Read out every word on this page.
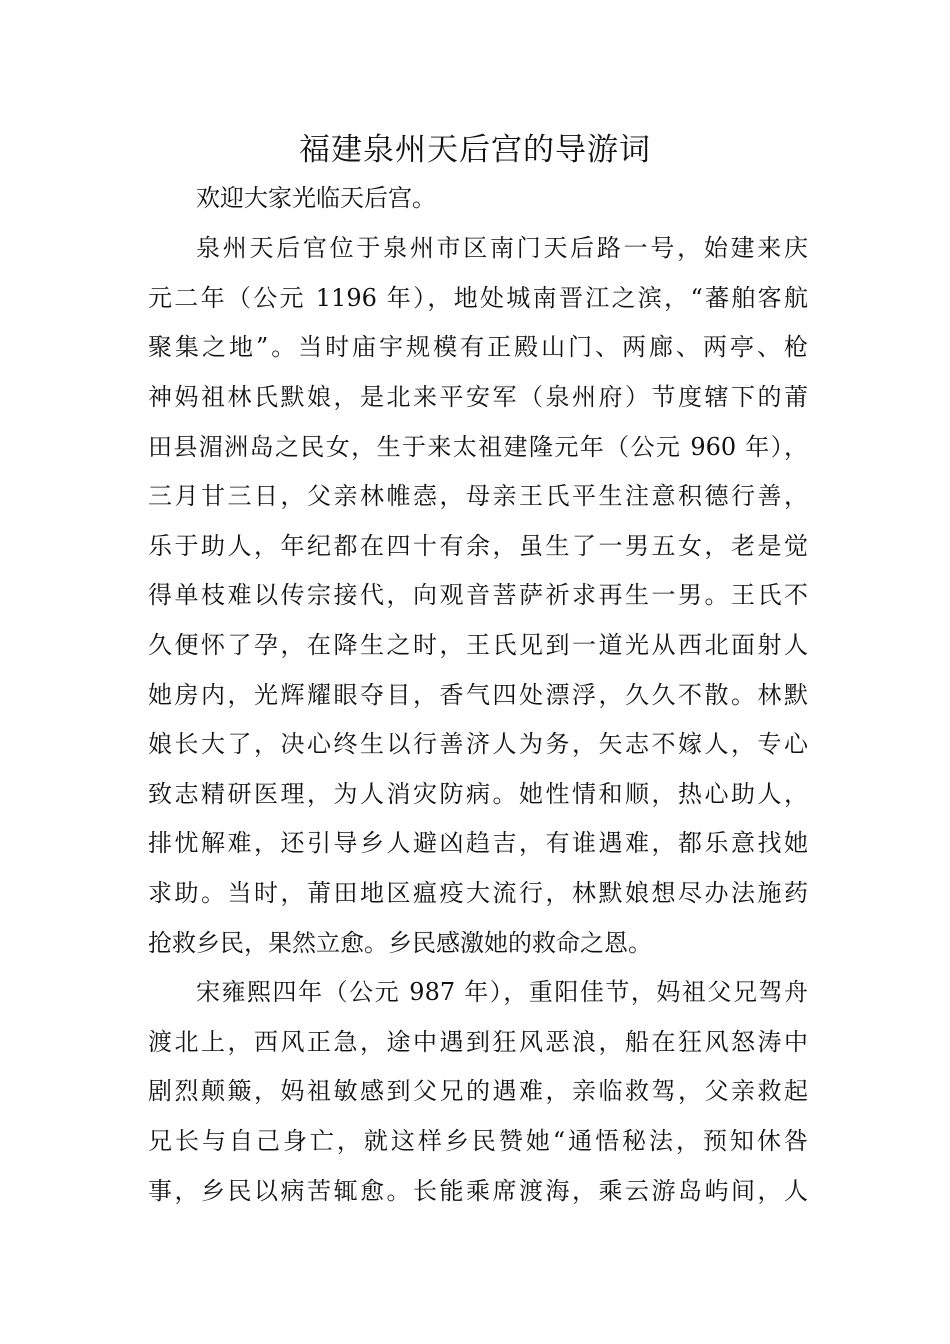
福建泉州天后宫的导游词

欢迎大家光临天后宫。

泉州天后官位于泉州市区南门天后路一号，始建来庆

元二年（公元 1196 年），地处城南晋江之滨，“蕃舶客航

聚集之地”。当时庙宇规模有正殿山门、两廊、两亭、枪

神妈祖林氏默娘，是北来平安军（泉州府）节度辖下的莆

田县湄洲岛之民女，生于来太祖建隆元年（公元 960 年），

三月甘三日，父亲林帷悫，母亲王氏平生注意积德行善，

乐于助人，年纪都在四十有余，虽生了一男五女，老是觉

得单枝难以传宗接代，向观音菩萨祈求再生一男。王氏不

久便怀了孕，在降生之时，王氏见到一道光从西北面射人

她房内，光辉耀眼夺目，香气四处漂浮，久久不散。林默

娘长大了，决心终生以行善济人为务，矢志不嫁人，专心

致志精研医理，为人消灾防病。她性情和顺，热心助人，

排忧解难，还引导乡人避凶趋吉，有谁遇难，都乐意找她

求助。当时，莆田地区瘟疫大流行，林默娘想尽办法施药

抢救乡民，果然立愈。乡民感激她的救命之恩。

宋雍熙四年（公元 987 年），重阳佳节，妈祖父兄驾舟

渡北上，西风正急，途中遇到狂风恶浪，船在狂风怒涛中

剧烈颠簸，妈祖敏感到父兄的遇难，亲临救驾，父亲救起

兄长与自己身亡，就这样乡民赞她“通悟秘法，预知休咎

事，乡民以病苦辄愈。长能乘席渡海，乘云游岛屿间，人
